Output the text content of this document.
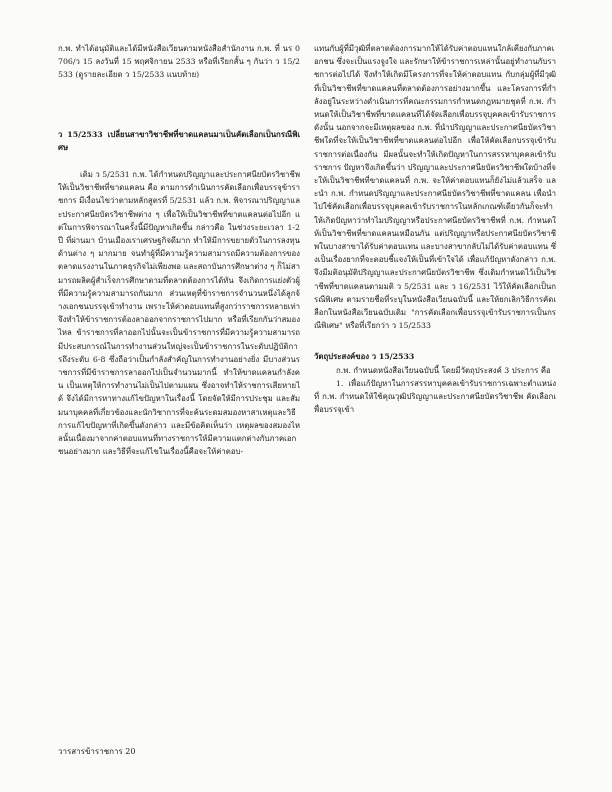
ก.พ. ทำได้อนุมัติและได้มีหนังสือเวียนตามหนังสือสำนักงาน ก.พ. ที่ นร 0706/ว 15 ลงวันที่ 15 พฤศจิกายน 2533 หรือที่เรียกสั้น ๆ กันว่า ว 15/2533 (ดูรายละเอียด ว 15/2533 แนบท้าย)

ว 15/2533 เปลี่ยนสาขาวิชาชีพที่ขาดแคลนมาเป็นคัดเลือกเป็นกรณีพิเศษ

เดิม ว 5/2531 ก.พ. ได้กำหนดปริญญาและประกาศนียบัตรวิชาชีพให้เป็นวิชาชีพที่ขาดแคลน คือ ตามการดำเนินการคัดเลือกเพื่อบรรจุข้าราชการ มีเงื่อนไขว่าตามหลักสูตรที่ 5/2531 แล้ว ก.พ. พิจารณาปริญญาและประกาศนียบัตรวิชาชีพต่าง ๆ เพื่อให้เป็นวิชาชีพที่ขาดแคลนต่อไปอีก แต่ในการพิจารณาในครั้งนี้มีปัญหาเกิดขึ้น กล่าวคือ ในช่วงระยะเวลา 1-2 ปี ที่ผ่านมา บ้านเมืองเราเศรษฐกิจดีมาก ทำให้มีการขยายตัวในการลงทุนด้านต่าง ๆ มากมาย จนทำผู้ที่มีความรู้ความสามารถมีความต้องการของตลาดแรงงานในภาคธุรกิจไม่เพียงพอ และสถาบันการศึกษาต่าง ๆ ก็ไม่สามารถผลิตผู้สำเร็จการศึกษาตามที่ตลาดต้องการได้ทัน จึงเกิดการแย่งตัวผู้ที่มีความรู้ความสามารถกันมาก ส่วนเหตุที่ข้าราชการจำนวนหนึ่งได้ลูกจ้างเอกชนบรรจุเข้าทำงาน เพราะให้ค่าตอบแทนที่สูงกว่าราชการหลายเท่า จึงทำให้ข้าราชการต้องลาออกจากราชการไปมาก หรือที่เรียกกันว่าสมองไหล ข้าราชการที่ลาออกไปนั้นจะเป็นข้าราชการที่มีความรู้ความสามารถมีประสบการณ์ในการทำงานส่วนใหญ่จะเป็นข้าราชการในระดับปฏิบัติการถึงระดับ 6-8 ซึ่งถือว่าเป็นกำลังสำคัญในการทำงานอย่างยิ่ง มีบางส่วนราชการที่มีข้าราชการลาออกไปเป็นจำนวนมากนี้ ทำให้ขาดแคลนกำลังคน เป็นเหตุให้การทำงานไม่เป็นไปตามแผน ซึ่งอาจทำให้ราชการเสียหายได้ จึงได้มีการหาทางแก้ไขปัญหาในเรื่องนี้ โดยจัดให้มีการประชุม และสัมมนาบุคคลที่เกี่ยวข้องและนักวิชาการที่จะค้นระดมสมองหาสาเหตุและวิธีการแก้ไขปัญหาที่เกิดขึ้นดังกล่าว และมีข้อคิดเห็นว่า เหตุผลของสมองไหลนั้นเนื่องมาจากค่าตอบแทนที่ทางราชการให้มีความแตกต่างกับภาคเอกชนอย่างมาก และวิธีที่จะแก้ไขในเรื่องนี้คือจะให้ค่าตอบ-

แทนกับผู้ที่มีวุฒิที่ตลาดต้องการมากให้ได้รับค่าตอบแทนใกล้เคียงกับภาคเอกชน ซึ่งจะเป็นแรงจูงใจ และรักษาให้ข้าราชการเหล่านั้นอยู่ทำงานกับราชการต่อไปได้ จึงทำให้เกิดมีโครงการที่จะให้ค่าตอบแทน กับกลุ่มผู้ที่มีวุฒิที่เป็นวิชาชีพที่ขาดแคลนที่ตลาดต้องการอย่างมากขึ้น และโครงการที่กำลังอยู่ในระหว่างดำเนินการที่คณะกรรมการกำหนดกฎหมายชุดที่ ก.พ. กำหนดให้เป็นวิชาชีพที่ขาดแคลนที่ได้จัดเลือกเพื่อบรรจุบุคคลเข้ารับราชการ ดังนั้น นอกจากจะมีเหตุผลของ ก.พ. ที่นำปริญญาและประกาศนียบัตรวิชาชีพใดที่จะให้เป็นวิชาชีพที่ขาดแคลนต่อไปอีก เพื่อให้คัดเลือกบรรจุเข้ารับราชการต่อเนื่องกัน มีผลนั้นจะทำให้เกิดปัญหาในการสรรหาบุคคลเข้ารับราชการ ปัญหาจึงเกิดขึ้นว่า ปริญญาและประกาศนียบัตรวิชาชีพใดบ้างที่จะให้เป็นวิชาชีพที่ขาดแคลนที่ ก.พ. จะให้ค่าตอบแทนก็ยังไม่แล้วเสร็จ และนำ ก.พ. กำหนดปริญญาและประกาศนียบัตรวิชาชีพที่ขาดแคลน เพื่อนำไปใช้คัดเลือกเพื่อบรรจุบุคคลเข้ารับราชการในหลักเกณฑ์เดียวกันก็จะทำให้เกิดปัญหาว่าทำไมปริญญาหรือประกาศนียบัตรวิชาชีพที่ ก.พ. กำหนดให้เป็นวิชาชีพที่ขาดแคลนเหมือนกัน แต่ปริญญาหรือประกาศนียบัตรวิชาชีพในบางสาขาได้รับค่าตอบแทน และบางสาขากลับไม่ได้รับค่าตอบแทน ซึ่งเป็นเรื่องยากที่จะตอบชี้แจงให้เป็นที่เข้าใจได้ เพื่อแก้ปัญหาดังกล่าว ก.พ. จึงมีมติอนุมัติปริญญาและประกาศนียบัตรวิชาชีพ ซึ่งเดิมกำหนดไว้เป็นวิชาชีพที่ขาดแคลนตามมติ ว 5/2531 และ ว 16/2531 ไว้ให้คัดเลือกเป็นกรณีพิเศษ ตามรายชื่อที่ระบุในหนังสือเวียนฉบับนี้ และให้ยกเลิกวิธีการคัดเลือกในหนังสือเวียนฉบับเดิม "การคัดเลือกเพื่อบรรจุเข้ารับราชการเป็นกรณีพิเศษ" หรือที่เรียกว่า ว 15/2533

วัตถุประสงค์ของ ว 15/2533

ก.พ. กำหนดหนังสือเวียนฉบับนี้ โดยมีวัตถุประสงค์ 3 ประการ คือ

1. เพื่อแก้ปัญหาในการสรรหาบุคคลเข้ารับราชการเฉพาะตำแหน่งที่ ก.พ. กำหนดให้ใช้คุณวุฒิปริญญาและประกาศนียบัตรวิชาชีพ คัดเลือกเพื่อบรรจุเข้า

วารสารข้าราชการ 20
